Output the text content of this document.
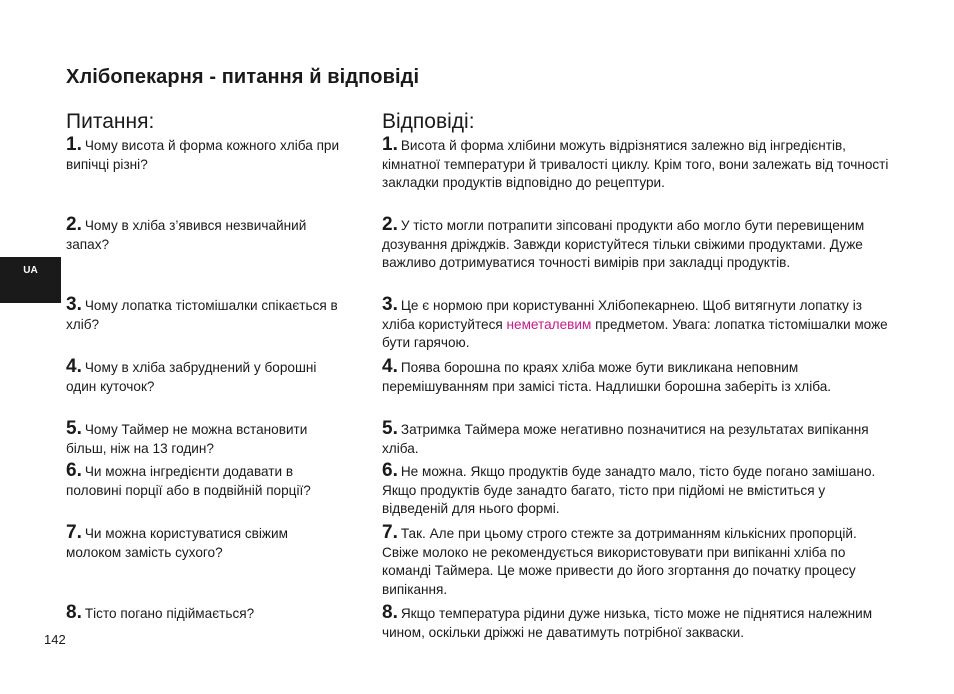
Хлібопекарня - питання й відповіді
UA
142
Питання:	Відповіді:

1. Чому висота й форма кожного хліба при випічці різні?

2. Чому в хліба з’явився незвичайний запах?

3. Чому лопатка тістомішалки спікається в хліб?

4. Чому в хліба забруднений у борошні один куточок?

5. Чому Таймер не можна встановити більш, ніж на 13 годин?

6. Чи можна інгредієнти додавати в половині порції або в подвійній порції?

7. Чи можна користуватися свіжим молоком замість сухого?

8. Тісто погано підіймається?

1. Висота й форма хлібини можуть відрізнятися залежно від інгредієнтів, кімнатної температури й тривалості циклу. Крім того, вони залежать від точності закладки продуктів відповідно до рецептури.

2. У тісто могли потрапити зіпсовані продукти або могло бути перевищеним дозування дріжджів. Завжди користуйтеся тільки свіжими продуктами. Дуже важливо дотримуватися точності вимірів при закладці продуктів.

3. Це є нормою при користуванні Хлібопекарнею. Щоб витягнути лопатку із хліба користуйтеся неметалевим предметом. Увага: лопатка тістомішалки може бути гарячою.

4. Поява борошна по краях хліба може бути викликана неповним перемішуванням при замісі тіста. Надлишки борошна заберіть із хліба.

5. Затримка Таймера може негативно позначитися на результатах випікання хліба.

6. Не можна. Якщо продуктів буде занадто мало, тісто буде погано замішано. Якщо продуктів буде занадто багато, тісто при підйомі не вміститься у відведеній для нього формі.

7. Так. Але при цьому строго стежте за дотриманням кількісних пропорцій. Свіже молоко не рекомендується використовувати при випіканні хліба по команді Таймера. Це може привести до його згортання до початку процесу випікання.

8. Якщо температура рідини дуже низька, тісто може не піднятися належним чином, оскільки дріжжі не даватимуть потрібної закваски.
